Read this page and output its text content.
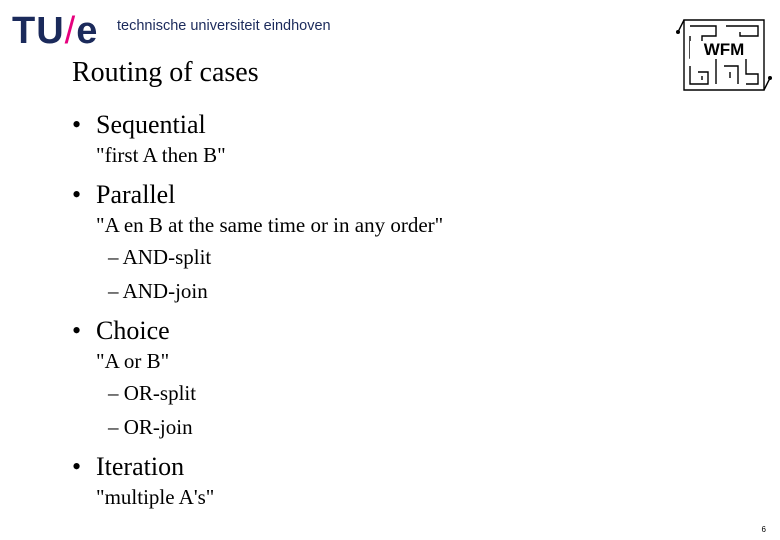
TU/e technische universiteit eindhoven
Routing of cases
WFM
• Sequential
"first A then B"
• Parallel
"A en B at the same time or in any order"
– AND-split
– AND-join
• Choice
"A or B"
– OR-split
– OR-join
• Iteration
"multiple A's"
6
